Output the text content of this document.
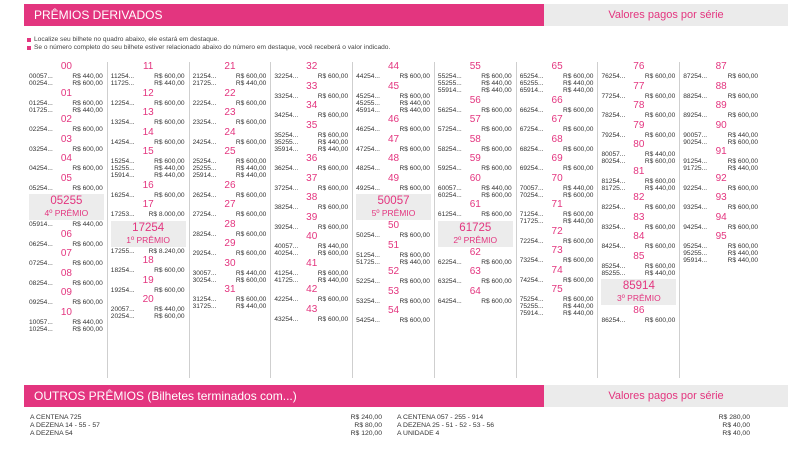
PRÊMIOS DERIVADOS	Valores pagos por série
Localize seu bilhete no quadro abaixo, ele estará em destaque.
Se o número completo do seu bilhete estiver relacionado abaixo do número em destaque, você receberá o valor indicado.
00
00057...	R$ 440,00
00254...	R$ 600,00
01
01254...	R$ 600,00
01725...	R$ 440,00
02
02254...	R$ 600,00
03
03254...	R$ 600,00
04
04254...	R$ 600,00
05
05254...	R$ 600,00
05255
4º PRÊMIO
05914...	R$ 440,00
06
06254...	R$ 600,00
07
07254...	R$ 600,00
08
08254...	R$ 600,00
09
09254...	R$ 600,00
10
10057...	R$ 440,00
10254...	R$ 600,00
11
11254...	R$ 600,00
11725...	R$ 440,00
12
12254...	R$ 600,00
13
13254...	R$ 600,00
14
14254...	R$ 600,00
15
15254...	R$ 600,00
15255...	R$ 440,00
15914...	R$ 440,00
16
16254...	R$ 600,00
17
17253... R$ 8.000,00
17254
1º PRÊMIO
17255... R$ 8.240,00
18
18254...	R$ 600,00
19
19254...	R$ 600,00
20
20057...	R$ 440,00
20254...	R$ 600,00
21
21254...	R$ 600,00
21725...	R$ 440,00
22
22254...	R$ 600,00
23
23254...	R$ 600,00
24
24254...	R$ 600,00
25
25254...	R$ 600,00
25255...	R$ 440,00
25914...	R$ 440,00
26
26254...	R$ 600,00
27
27254...	R$ 600,00
28
28254...	R$ 600,00
29
29254...	R$ 600,00
30
30057...	R$ 440,00
30254...	R$ 600,00
31
31254...	R$ 600,00
31725...	R$ 440,00
32
32254...	R$ 600,00
33
33254...	R$ 600,00
34
34254...	R$ 600,00
35
35254...	R$ 600,00
35255...	R$ 440,00
35914...	R$ 440,00
36
36254...	R$ 600,00
37
37254...	R$ 600,00
38
38254...	R$ 600,00
39
39254...	R$ 600,00
40
40057...	R$ 440,00
40254...	R$ 600,00
41
41254...	R$ 600,00
41725...	R$ 440,00
42
42254...	R$ 600,00
43
43254...	R$ 600,00
44
44254...	R$ 600,00
45
45254...	R$ 600,00
45255...	R$ 440,00
45914...	R$ 440,00
46
46254...	R$ 600,00
47
47254...	R$ 600,00
48
48254...	R$ 600,00
49
49254...	R$ 600,00
50057
5º PRÊMIO
50
50254...	R$ 600,00
51
51254...	R$ 600,00
51725...	R$ 440,00
52
52254...	R$ 600,00
53
53254...	R$ 600,00
54
54254...	R$ 600,00
55
55254...	R$ 600,00
55255...	R$ 440,00
55914...	R$ 440,00
56
56254...	R$ 600,00
57
57254...	R$ 600,00
58
58254...	R$ 600,00
59
59254...	R$ 600,00
60
60057...	R$ 440,00
60254...	R$ 600,00
61
61254...	R$ 600,00
61725
2º PRÊMIO
62
62254...	R$ 600,00
63
63254...	R$ 600,00
64
64254...	R$ 600,00
65
65254...	R$ 600,00
65255...	R$ 440,00
65914...	R$ 440,00
66
66254...	R$ 600,00
67
67254...	R$ 600,00
68
68254...	R$ 600,00
69
69254...	R$ 600,00
70
70057...	R$ 440,00
70254...	R$ 600,00
71
71254...	R$ 600,00
71725...	R$ 440,00
72
72254...	R$ 600,00
73
73254...	R$ 600,00
74
74254...	R$ 600,00
75
75254...	R$ 600,00
75255...	R$ 440,00
75914...	R$ 440,00
76
76254...	R$ 600,00
77
77254...	R$ 600,00
78
78254...	R$ 600,00
79
79254...	R$ 600,00
80
80057...	R$ 440,00
80254...	R$ 600,00
81
81254...	R$ 600,00
81725...	R$ 440,00
82
82254...	R$ 600,00
83
83254...	R$ 600,00
84
84254...	R$ 600,00
85
85254...	R$ 600,00
85255...	R$ 440,00
85914
3º PRÊMIO
86
86254...	R$ 600,00
87
87254...	R$ 600,00
88
88254...	R$ 600,00
89
89254...	R$ 600,00
90
90057...	R$ 440,00
90254...	R$ 600,00
91
91254...	R$ 600,00
91725...	R$ 440,00
92
92254...	R$ 600,00
93
93254...	R$ 600,00
94
94254...	R$ 600,00
95
95254...	R$ 600,00
95255...	R$ 440,00
95914...	R$ 440,00
OUTROS PRÊMIOS (Bilhetes terminados com...)	Valores pagos por série
A CENTENA 725	R$ 240,00
A DEZENA 14 - 55 - 57	R$ 80,00
A DEZENA 54	R$ 120,00
A CENTENA 057 - 255 - 914	R$ 280,00
A DEZENA 25 - 51 - 52 - 53 - 56	R$ 40,00
A UNIDADE 4	R$ 40,00
